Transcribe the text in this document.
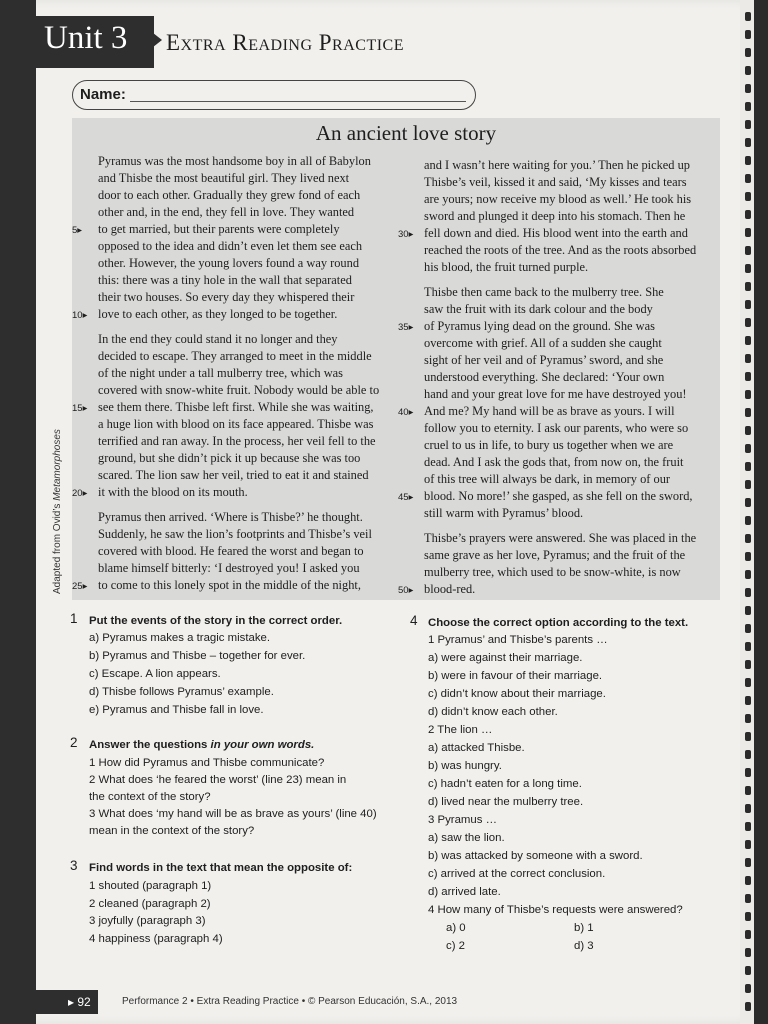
Unit 3 Extra Reading Practice
Name:
An ancient love story

Pyramus was the most handsome boy in all of Babylon
and Thisbe the most beautiful girl. They lived next
door to each other. Gradually they grew fond of each
other and, in the end, they fell in love. They wanted
to get married, but their parents were completely
5▸
opposed to the idea and didn’t even let them see each
other. However, the young lovers found a way round
this: there was a tiny hole in the wall that separated
their two houses. So every day they whispered their
love to each other, as they longed to be together.
10▸

In the end they could stand it no longer and they
decided to escape. They arranged to meet in the middle
of the night under a tall mulberry tree, which was
covered with snow-white fruit. Nobody would be able to
see them there. Thisbe left first. While she was waiting,
15▸
a huge lion with blood on its face appeared. Thisbe was
terrified and ran away. In the process, her veil fell to the
ground, but she didn’t pick it up because she was too
scared. The lion saw her veil, tried to eat it and stained
it with the blood on its mouth.
20▸

Pyramus then arrived. ‘Where is Thisbe?’ he thought.
Suddenly, he saw the lion’s footprints and Thisbe’s veil
covered with blood. He feared the worst and began to
blame himself bitterly: ‘I destroyed you! I asked you
to come to this lonely spot in the middle of the night,
25▸

and I wasn’t here waiting for you.’ Then he picked up
Thisbe’s veil, kissed it and said, ‘My kisses and tears
are yours; now receive my blood as well.’ He took his
sword and plunged it deep into his stomach. Then he
fell down and died. His blood went into the earth and
30▸
reached the roots of the tree. And as the roots absorbed
his blood, the fruit turned purple.

Thisbe then came back to the mulberry tree. She
saw the fruit with its dark colour and the body
of Pyramus lying dead on the ground. She was
35▸
overcome with grief. All of a sudden she caught
sight of her veil and of Pyramus’ sword, and she
understood everything. She declared: ‘Your own
hand and your great love for me have destroyed you!
And me? My hand will be as brave as yours. I will
40▸
follow you to eternity. I ask our parents, who were so
cruel to us in life, to bury us together when we are
dead. And I ask the gods that, from now on, the fruit
of this tree will always be dark, in memory of our
blood. No more!’ she gasped, as she fell on the sword,
45▸
still warm with Pyramus’ blood.

Thisbe’s prayers were answered. She was placed in the
same grave as her love, Pyramus; and the fruit of the
mulberry tree, which used to be snow-white, is now
blood-red.
50▸

Adapted from Ovid’s Metamorphoses
1 Put the events of the story in the correct order.
a) Pyramus makes a tragic mistake.
b) Pyramus and Thisbe – together for ever.
c) Escape. A lion appears.
d) Thisbe follows Pyramus’ example.
e) Pyramus and Thisbe fall in love.
2 Answer the questions in your own words.
1 How did Pyramus and Thisbe communicate?
2 What does ‘he feared the worst’ (line 23) mean in
the context of the story?
3 What does ‘my hand will be as brave as yours’ (line 40)
mean in the context of the story?
3 Find words in the text that mean the opposite of:
1 shouted (paragraph 1)
2 cleaned (paragraph 2)
3 joyfully (paragraph 3)
4 happiness (paragraph 4)
4 Choose the correct option according to the text.
1 Pyramus’ and Thisbe’s parents …
a) were against their marriage.
b) were in favour of their marriage.
c) didn’t know about their marriage.
d) didn’t know each other.
2 The lion …
a) attacked Thisbe.
b) was hungry.
c) hadn’t eaten for a long time.
d) lived near the mulberry tree.
3 Pyramus …
a) saw the lion.
b) was attacked by someone with a sword.
c) arrived at the correct conclusion.
d) arrived late.
4 How many of Thisbe’s requests were answered?
a) 0	b) 1
c) 2	d) 3
▸ 92	Performance 2 • Extra Reading Practice • © Pearson Educación, S.A., 2013
